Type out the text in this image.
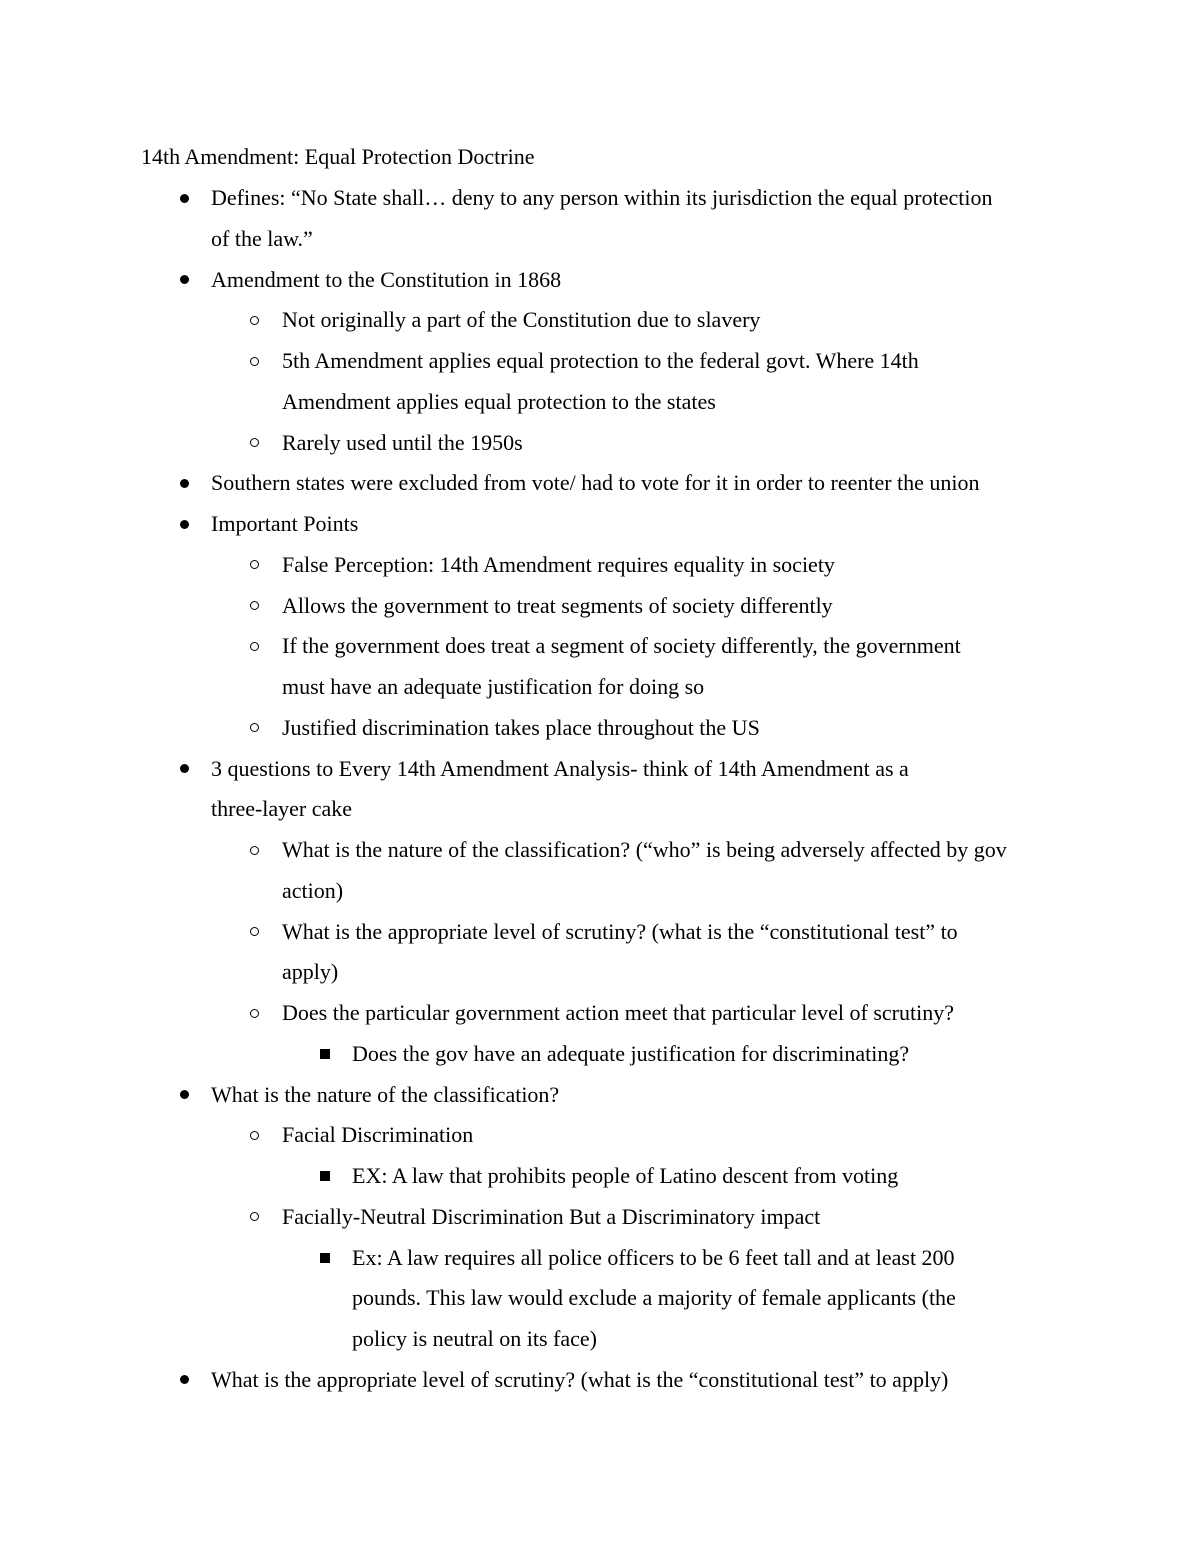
14th Amendment: Equal Protection Doctrine
Defines: “No State shall… deny to any person within its jurisdiction the equal protection
of the law.”
Amendment to the Constitution in 1868
Not originally a part of the Constitution due to slavery
5th Amendment applies equal protection to the federal govt. Where 14th
Amendment applies equal protection to the states
Rarely used until the 1950s
Southern states were excluded from vote/ had to vote for it in order to reenter the union
Important Points
False Perception: 14th Amendment requires equality in society
Allows the government to treat segments of society differently
If the government does treat a segment of society differently, the government
must have an adequate justification for doing so
Justified discrimination takes place throughout the US
3 questions to Every 14th Amendment Analysis- think of 14th Amendment as a
three-layer cake
What is the nature of the classification? (“who” is being adversely affected by gov
action)
What is the appropriate level of scrutiny? (what is the “constitutional test” to
apply)
Does the particular government action meet that particular level of scrutiny?
Does the gov have an adequate justification for discriminating?
What is the nature of the classification?
Facial Discrimination
EX: A law that prohibits people of Latino descent from voting
Facially-Neutral Discrimination But a Discriminatory impact
Ex: A law requires all police officers to be 6 feet tall and at least 200
pounds. This law would exclude a majority of female applicants (the
policy is neutral on its face)
What is the appropriate level of scrutiny? (what is the “constitutional test” to apply)
